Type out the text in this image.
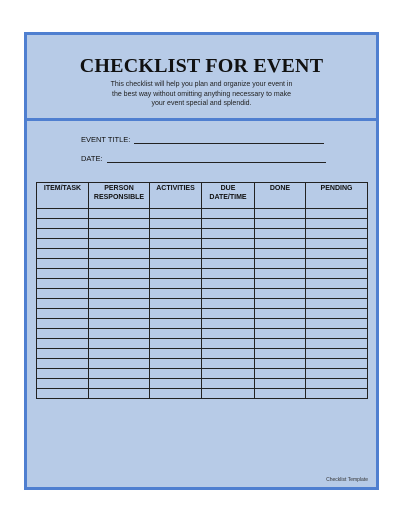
CHECKLIST FOR EVENT
This checklist will help you plan and organize your event in
the best way without omitting anything necessary to make
your event special and splendid.
EVENT TITLE:
DATE:
ITEM/TASK	PERSON RESPONSIBLE	ACTIVITIES	DUE DATE/TIME	DONE	PENDING

Checklist Template
